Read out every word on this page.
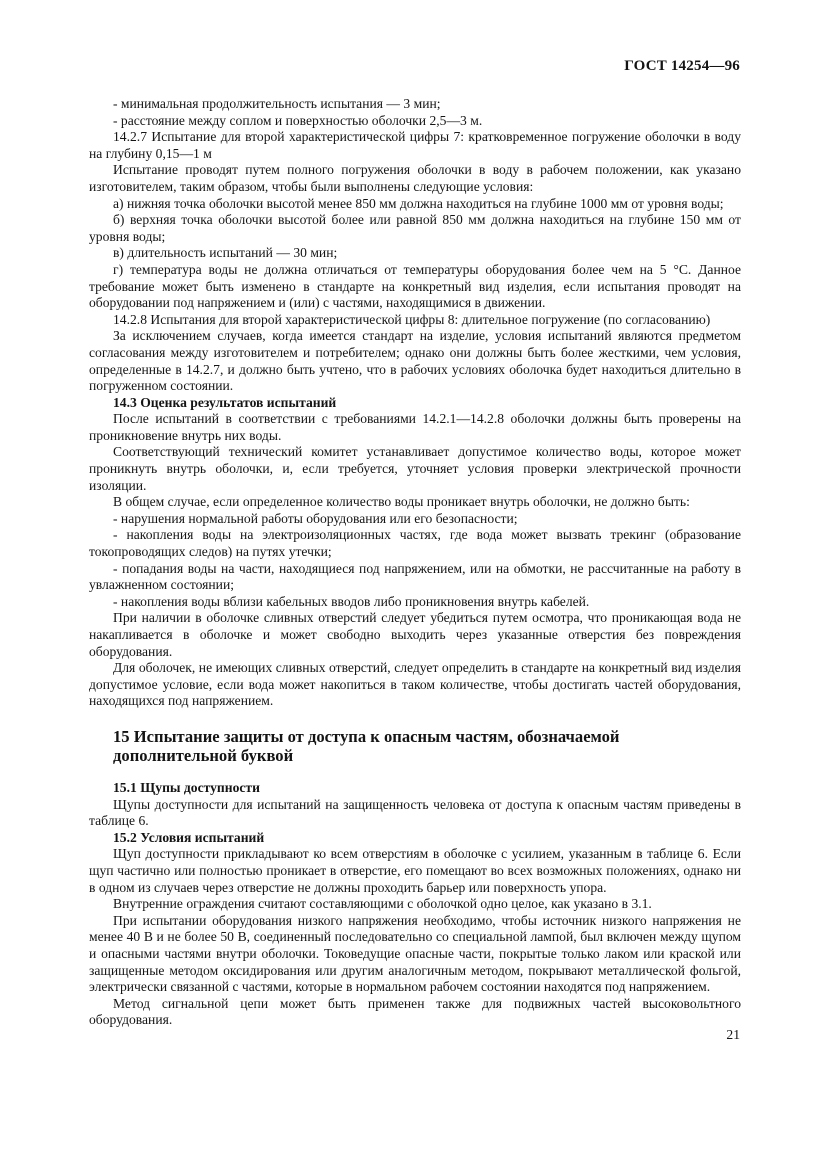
ГОСТ 14254—96

- минимальная продолжительность испытания — 3 мин;

- расстояние между соплом и поверхностью оболочки 2,5—3 м.

14.2.7 Испытание для второй характеристической цифры 7: кратковременное погружение оболочки в воду на глубину 0,15—1 м

Испытание проводят путем полного погружения оболочки в воду в рабочем положении, как указано изготовителем, таким образом, чтобы были выполнены следующие условия:

а) нижняя точка оболочки высотой менее 850 мм должна находиться на глубине 1000 мм от уровня воды;

б) верхняя точка оболочки высотой более или равной 850 мм должна находиться на глубине 150 мм от уровня воды;

в) длительность испытаний — 30 мин;

г) температура воды не должна отличаться от температуры оборудования более чем на 5 °С. Данное требование может быть изменено в стандарте на конкретный вид изделия, если испытания проводят на оборудовании под напряжением и (или) с частями, находящимися в движении.

14.2.8 Испытания для второй характеристической цифры 8: длительное погружение (по согласованию)

За исключением случаев, когда имеется стандарт на изделие, условия испытаний являются предметом согласования между изготовителем и потребителем; однако они должны быть более жесткими, чем условия, определенные в 14.2.7, и должно быть учтено, что в рабочих условиях оболочка будет находиться длительно в погруженном состоянии.

14.3 Оценка результатов испытаний

После испытаний в соответствии с требованиями 14.2.1—14.2.8 оболочки должны быть проверены на проникновение внутрь них воды.

Соответствующий технический комитет устанавливает допустимое количество воды, которое может проникнуть внутрь оболочки, и, если требуется, уточняет условия проверки электрической прочности изоляции.

В общем случае, если определенное количество воды проникает внутрь оболочки, не должно быть:

- нарушения нормальной работы оборудования или его безопасности;

- накопления воды на электроизоляционных частях, где вода может вызвать трекинг (образование токопроводящих следов) на путях утечки;

- попадания воды на части, находящиеся под напряжением, или на обмотки, не рассчитанные на работу в увлажненном состоянии;

- накопления воды вблизи кабельных вводов либо проникновения внутрь кабелей.

При наличии в оболочке сливных отверстий следует убедиться путем осмотра, что проникающая вода не накапливается в оболочке и может свободно выходить через указанные отверстия без повреждения оборудования.

Для оболочек, не имеющих сливных отверстий, следует определить в стандарте на конкретный вид изделия допустимое условие, если вода может накопиться в таком количестве, чтобы достигать частей оборудования, находящихся под напряжением.

15 Испытание защиты от доступа к опасным частям, обозначаемой дополнительной буквой

15.1 Щупы доступности

Щупы доступности для испытаний на защищенность человека от доступа к опасным частям приведены в таблице 6.

15.2 Условия испытаний

Щуп доступности прикладывают ко всем отверстиям в оболочке с усилием, указанным в таблице 6. Если щуп частично или полностью проникает в отверстие, его помещают во всех возможных положениях, однако ни в одном из случаев через отверстие не должны проходить барьер или поверхность упора.

Внутренние ограждения считают составляющими с оболочкой одно целое, как указано в 3.1.

При испытании оборудования низкого напряжения необходимо, чтобы источник низкого напряжения не менее 40 В и не более 50 В, соединенный последовательно со специальной лампой, был включен между щупом и опасными частями внутри оболочки. Токоведущие опасные части, покрытые только лаком или краской или защищенные методом оксидирования или другим аналогичным методом, покрывают металлической фольгой, электрически связанной с частями, которые в нормальном рабочем состоянии находятся под напряжением.

Метод сигнальной цепи может быть применен также для подвижных частей высоковольтного оборудования.

21
